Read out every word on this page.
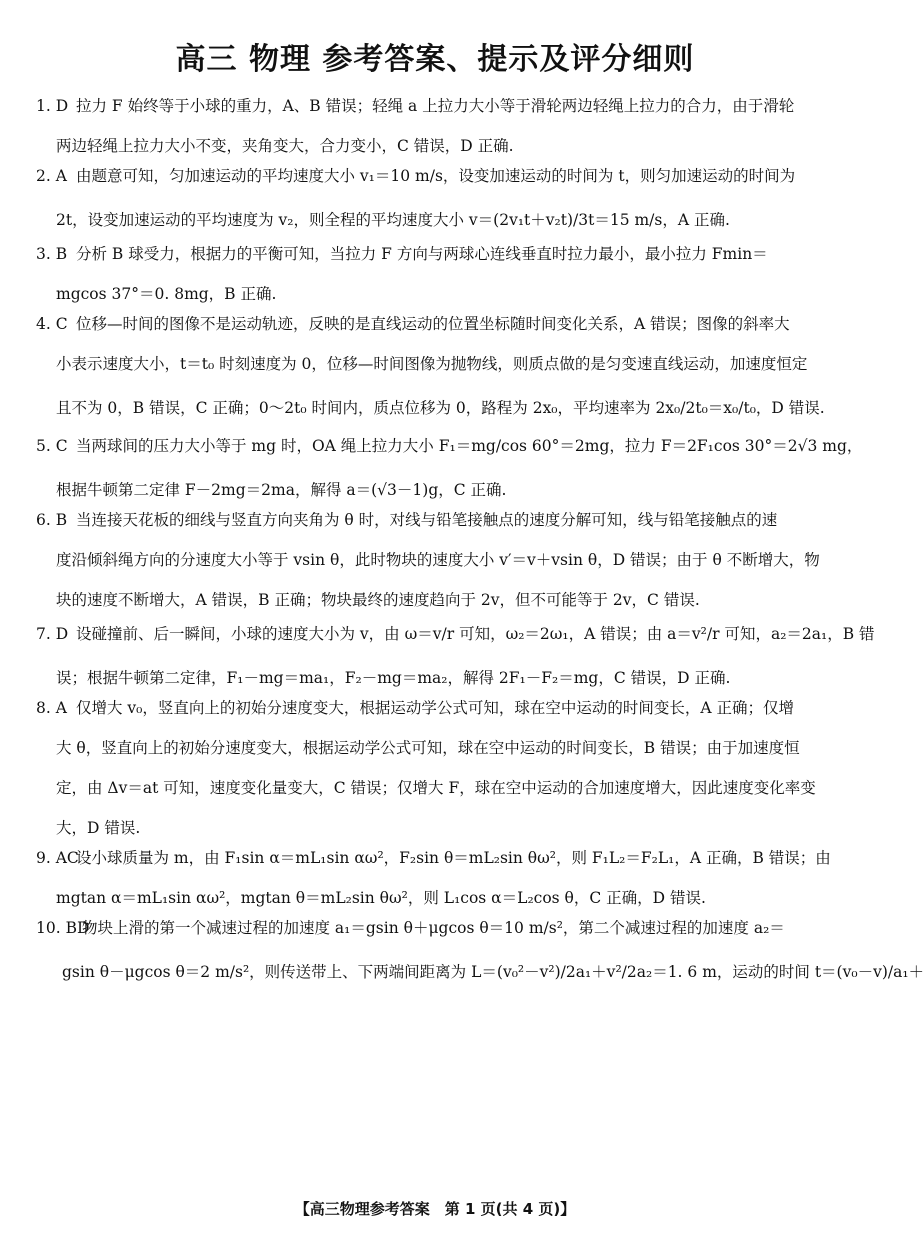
高三 物理 参考答案、提示及评分细则
1. D 拉力 F 始终等于小球的重力，A、B 错误；轻绳 a 上拉力大小等于滑轮两边轻绳上拉力的合力，由于滑轮
两边轻绳上拉力大小不变，夹角变大，合力变小，C 错误，D 正确.
2. A 由题意可知，匀加速运动的平均速度大小 v₁＝10 m/s，设变加速运动的时间为 t，则匀加速运动的时间为
2t，设变加速运动的平均速度为 v₂，则全程的平均速度大小 v＝(2v₁t＋v₂t)/3t＝15 m/s，A 正确.
3. B 分析 B 球受力，根据力的平衡可知，当拉力 F 方向与两球心连线垂直时拉力最小，最小拉力 Fmin＝
mgcos 37°＝0. 8mg，B 正确.
4. C 位移—时间的图像不是运动轨迹，反映的是直线运动的位置坐标随时间变化关系，A 错误；图像的斜率大
小表示速度大小，t＝t₀ 时刻速度为 0，位移—时间图像为抛物线，则质点做的是匀变速直线运动，加速度恒定
且不为 0，B 错误，C 正确；0～2t₀ 时间内，质点位移为 0，路程为 2x₀，平均速率为 2x₀/2t₀＝x₀/t₀，D 错误.
5. C 当两球间的压力大小等于 mg 时，OA 绳上拉力大小 F₁＝mg/cos 60°＝2mg，拉力 F＝2F₁cos 30°＝2√3 mg，
根据牛顿第二定律 F－2mg＝2ma，解得 a＝(√3－1)g，C 正确.
6. B 当连接天花板的细线与竖直方向夹角为 θ 时，对线与铅笔接触点的速度分解可知，线与铅笔接触点的速
度沿倾斜绳方向的分速度大小等于 vsin θ，此时物块的速度大小 v′＝v＋vsin θ，D 错误；由于 θ 不断增大，物
块的速度不断增大，A 错误，B 正确；物块最终的速度趋向于 2v，但不可能等于 2v，C 错误.
7. D 设碰撞前、后一瞬间，小球的速度大小为 v，由 ω＝v/r 可知，ω₂＝2ω₁，A 错误；由 a＝v²/r 可知，a₂＝2a₁，B 错
误；根据牛顿第二定律，F₁－mg＝ma₁，F₂－mg＝ma₂，解得 2F₁－F₂＝mg，C 错误，D 正确.
8. A 仅增大 v₀，竖直向上的初始分速度变大，根据运动学公式可知，球在空中运动的时间变长，A 正确；仅增
大 θ，竖直向上的初始分速度变大，根据运动学公式可知，球在空中运动的时间变长，B 错误；由于加速度恒
定，由 Δv＝at 可知，速度变化量变大，C 错误；仅增大 F，球在空中运动的合加速度增大，因此速度变化率变
大，D 错误.
9. AC设小球质量为 m，由 F₁sin α＝mL₁sin αω²，F₂sin θ＝mL₂sin θω²，则 F₁L₂＝F₂L₁，A 正确，B 错误；由
mgtan α＝mL₁sin αω²，mgtan θ＝mL₂sin θω²，则 L₁cos α＝L₂cos θ，C 正确，D 错误.
10. BD物块上滑的第一个减速过程的加速度 a₁＝gsin θ＋μgcos θ＝10 m/s²，第二个减速过程的加速度 a₂＝
gsin θ－μgcos θ＝2 m/s²，则传送带上、下两端间距离为 L＝(v₀²－v²)/2a₁＋v²/2a₂＝1. 6 m，运动的时间 t＝(v₀－v)/a₁＋
【高三物理参考答案　第 1 页(共 4 页)】
